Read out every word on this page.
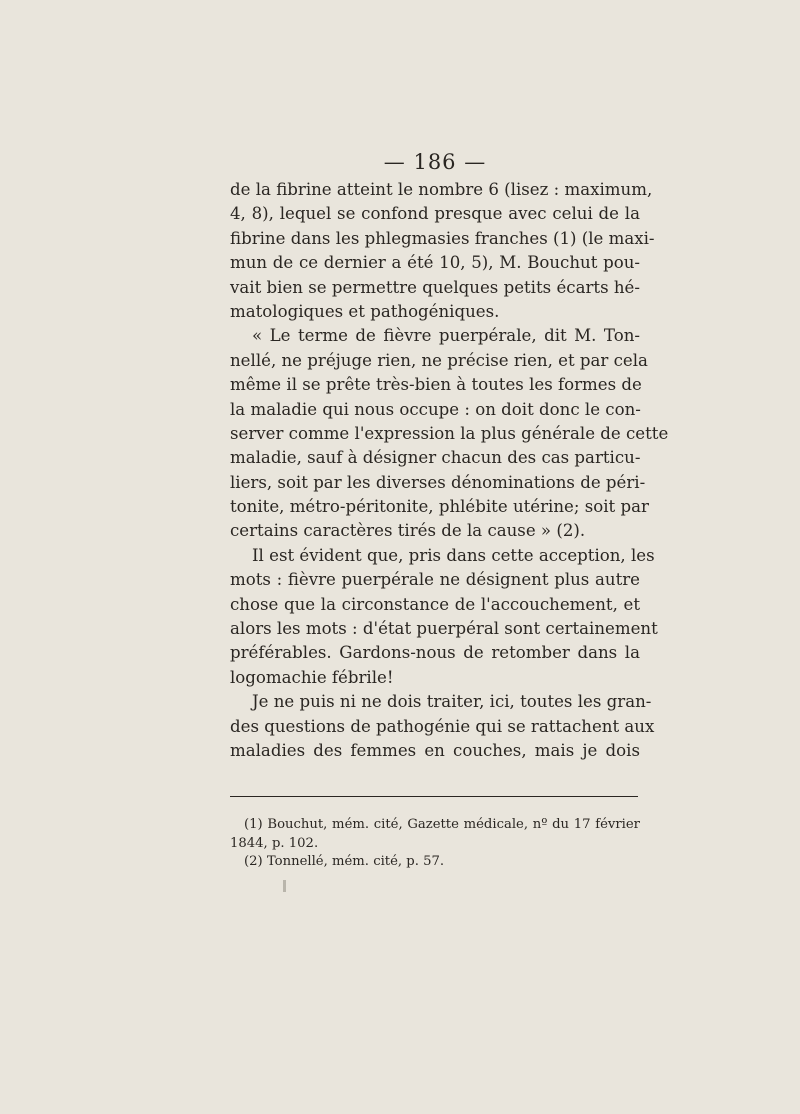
— 186 —
de la fibrine atteint le nombre 6 (lisez : maximum,
4, 8), lequel se confond presque avec celui de la
fibrine dans les phlegmasies franches (1) (le maxi-
mun de ce dernier a été 10, 5), M. Bouchut pou-
vait bien se permettre quelques petits écarts hé-
matologiques et pathogéniques.
« Le terme de fièvre puerpérale, dit M. Ton-
nellé, ne préjuge rien, ne précise rien, et par cela
même il se prête très-bien à toutes les formes de
la maladie qui nous occupe : on doit donc le con-
server comme l'expression la plus générale de cette
maladie, sauf à désigner chacun des cas particu-
liers, soit par les diverses dénominations de péri-
tonite, métro-péritonite, phlébite utérine; soit par
certains caractères tirés de la cause » (2).
Il est évident que, pris dans cette acception, les
mots : fièvre puerpérale ne désignent plus autre
chose que la circonstance de l'accouchement, et
alors les mots : d'état puerpéral sont certainement
préférables. Gardons-nous de retomber dans la
logomachie fébrile!
Je ne puis ni ne dois traiter, ici, toutes les gran-
des questions de pathogénie qui se rattachent aux
maladies des femmes en couches, mais je dois
(1) Bouchut, mém. cité, Gazette médicale, nº du 17 février
1844, p. 102.
(2) Tonnellé, mém. cité, p. 57.
